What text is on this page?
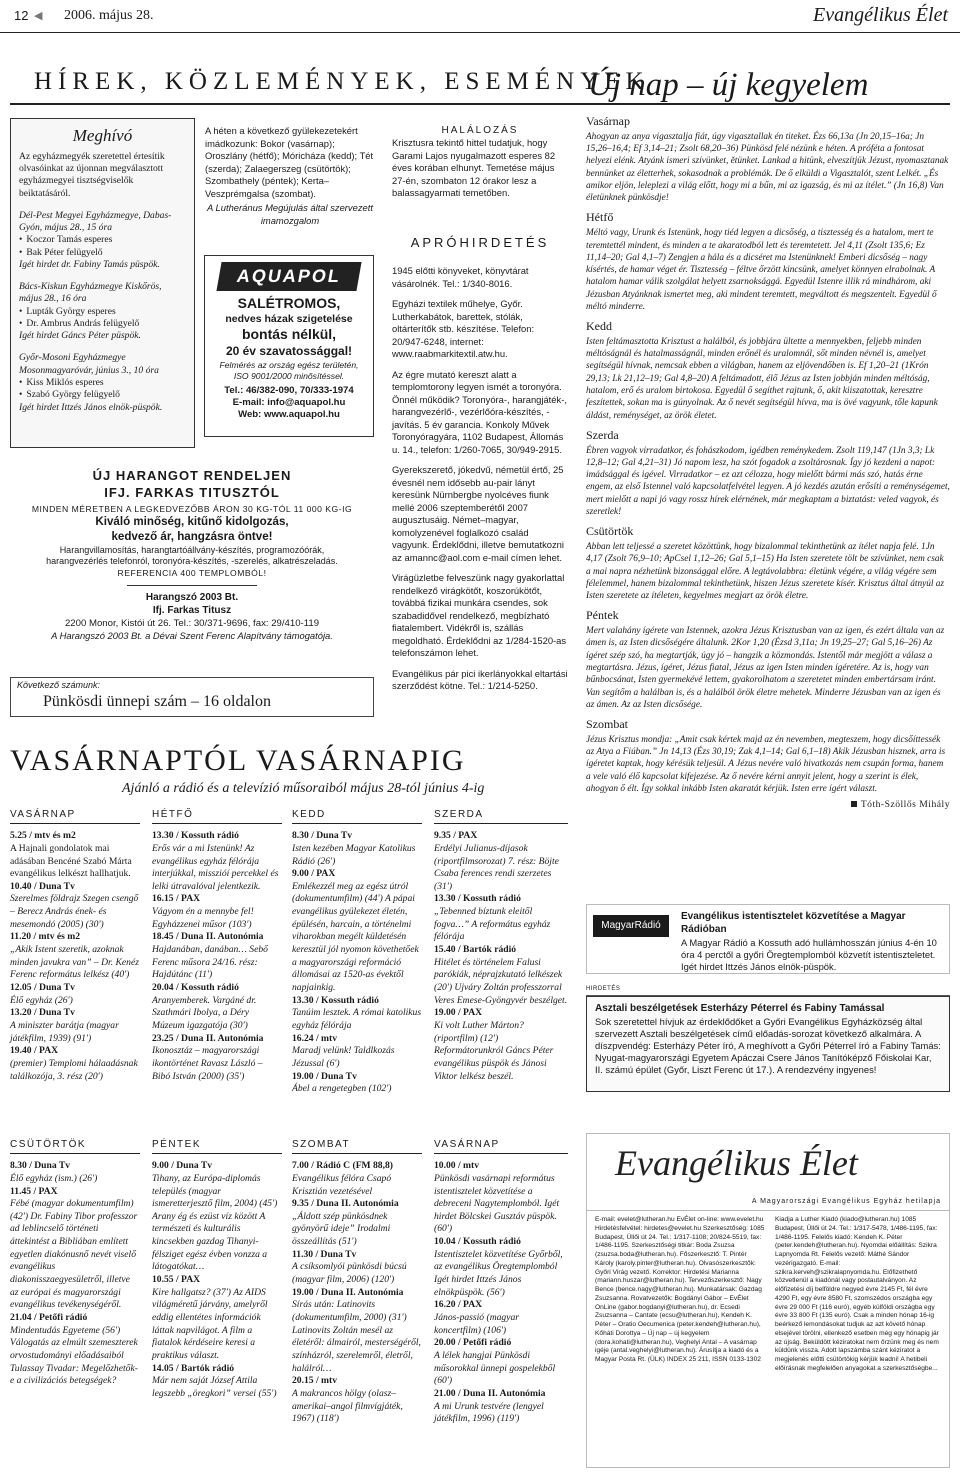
12 ◀ 2006. május 28.	Evangélikus Élet
HÍREK, KÖZLEMÉNYEK, ESEMÉNYEK
Új nap – új kegyelem
Meghívó
Az egyházmegyék szeretettel értesítik olvasóinkat az újonnan megválasztott egyházmegyei tisztségviselők beiktatásáról.
Dél-Pest Megyei Egyházmegye, Dabas-Gyón, május 28., 15 óra
• Koczor Tamás esperes
• Bak Péter felügyelő
Igét hirdet dr. Fabiny Tamás püspök.
Bács-Kiskun Egyházmegye Kiskőrös, május 28., 16 óra
• Lupták György esperes
• Dr. Ambrus András felügyelő
Igét hirdet Gáncs Péter püspök.
Győr-Mosoni Egyházmegye Mosonmagyaróvár, június 3., 10 óra
• Kiss Miklós esperes
• Szabó György felügyelő
Igét hirdet Ittzés János elnök-püspök.
A héten a következő gyülekezetekért imádkozunk: Bokor (vasárnap); Oroszlány (hétfő); Móricháza (kedd); Tét (szerda); Zalaegerszeg (csütörtök); Szombathely (péntek); Kerta–Veszprémgalsa (szombat).
A Lutheránus Megújulás által szervezett imamozgalom
AQUAPOL
SALÉTROMOS,
nedves házak szigetelése
bontás nélkül,
20 év szavatossággal!
Felmérés az ország egész területén, ISO 9001/2000 minősítéssel.
Tel.: 46/382-090, 70/333-1974
E-mail: info@aquapol.hu
Web: www.aquapol.hu
ÚJ HARANGOT RENDELJEN
IFJ. FARKAS TITUSZTÓL
MINDEN MÉRETBEN A LEGKEDVEZŐBB ÁRON 30 KG-TÓL 11 000 KG-IG
Kiváló minőség, kitűnő kidolgozás,
kedvező ár, hangzásra öntve!
Harangvillamosítás, harangtartóállvány-készítés, programozóórák,
harangvezérlés telefonról, toronyóra-készítés, -szerelés, alkatrészeladás.
REFERENCIA 400 TEMPLOMBÓL!
Harangszó 2003 Bt.
Ifj. Farkas Titusz
2200 Monor, Kistói út 26. Tel.: 30/371-9696, fax: 29/410-119
A Harangszó 2003 Bt. a Dévai Szent Ferenc Alapítvány támogatója.
Következő számunk:
Pünkösdi ünnepi szám – 16 oldalon
HALÁLOZÁS
Krisztusra tekintő hittel tudatjuk, hogy Garami Lajos nyugalmazott esperes 82 éves korában elhunyt. Temetése május 27-én, szombaton 12 órakor lesz a balassagyarmati temetőben.
APRÓHIRDETÉS
1945 előtti könyveket, könyvtárat vásárolnék. Tel.: 1/340-8016.
Egyházi textilek műhelye, Győr. Lutherkabátok, barettek, stólák, oltárterítők stb. készítése. Telefon: 20/947-6248, internet: www.raabmarkitextil.atw.hu.
Az égre mutató kereszt alatt a templomtorony legyen ismét a toronyóra. Önnél működik? Toronyóra-, harangjáték-, harangvezérlő-, vezérlőóra-készítés, -javítás. 5 év garancia. Konkoly Művek Toronyóragyára, 1102 Budapest, Állomás u. 14., telefon: 1/260-7065, 30/949-2915.
Gyerekszerető, jókedvű, németül értő, 25 évesnél nem idősebb au-pair lányt keresünk Nürnbergbe nyolcéves fiunk mellé 2006 szeptemberétől 2007 augusztusáig. Német–magyar, komolyzenével foglalkozó család vagyunk. Érdeklődni, illetve bemutatkozni az amannc@aol.com e-mail címen lehet.
Virágüzletbe felveszünk nagy gyakorlattal rendelkező virágkötőt, koszorúkötőt, továbbá fizikai munkára csendes, sok szabadidővel rendelkező, megbízható fiatalembert. Vidékről is, szállás megoldható. Érdeklődni az 1/284-1520-as telefonszámon lehet.
Evangélikus pár pici ikerlányokkal eltartási szerződést kötne. Tel.: 1/214-5250.
VASÁRNAPTÓL VASÁRNAPIG
Ajánló a rádió és a televízió műsoraiból május 28-tól június 4-ig
VASÁRNAP
5.25 / mtv és m2
A Hajnali gondolatok mai adásában Bencéné Szabó Márta evangélikus lelkészt hallhatjuk.
10.40 / Duna Tv
Szerelmes földrajz Szegen csengő – Berecz András ének- és mesemondó (2005) (30')
11.20 / mtv és m2
„Akik Istent szeretik, azoknak minden javukra van” – Dr. Kenéz Ferenc református lelkész (40')
12.05 / Duna Tv
Élő egyház (26')
13.20 / Duna Tv
A miniszter barátja (magyar játékfilm, 1939) (91')
19.40 / PAX
(premier) Templomi hálaadásnak találkozója, 3. rész (20')
HÉTFŐ
13.30 / Kossuth rádió
Erős vár a mi Istenünk! Az evangélikus egyház félórája interjúkkal, misszióí percekkel és lelki útravalóval jelentkezik.
16.15 / PAX
Vágyom én a mennybe fel! Egyházzenei műsor (103')
18.45 / Duna II. Autonómia
Hajdanában, danában… Sebő Ferenc műsora 24/16. rész: Hajdútánc (11')
20.04 / Kossuth rádió
Aranyemberek. Vargáné dr. Szathmári Ibolya, a Déry Múzeum igazgatója (30')
23.25 / Duna II. Autonómia
Ikonosztáz – magyarországi ikontörténet Ravasz László – Bibó István (2000) (35')
KEDD
8.30 / Duna Tv
Isten kezében Magyar Katolikus Rádió (26')
9.00 / PAX
Emlékezzél meg az egész útról (dokumentumfilm) (44') A pápai evangélikus gyülekezet életén, épülésén, harcain, a történelmi viharokban megélt küldetésén keresztül jól nyomon követhetőek a magyarországi reformáció állomásai az 1520-as évektől napjainkig.
13.30 / Kossuth rádió
Tanúim lesztek. A római katolikus egyház félórája
16.24 / mtv
Maradj velünk! Taldlkozás Jézussal (6')
19.00 / Duna Tv
Ábel a rengetegben (102')
SZERDA
9.35 / PAX
Erdélyi Julianus-díjasok (riportfilmsorozat) 7. rész: Böjte Csaba ferences rendi szerzetes (31')
13.30 / Kossuth rádió
„Tebenned bíztunk eleitől fogva…” A református egyház félórája
15.40 / Bartók rádió
Hitélet és történelem Falusi parókiák, népraj​zkutató lelkészek (20') Ujváry Zoltán professzorral Veres Emese-Gyöngyvér beszélget.
19.00 / PAX
Ki volt Luther Márton? (riportfilm) (12') Reformátorunkról Gáncs Péter evangélikus püspök és Jánosi Viktor lelkész beszél.
CSÜTÖRTÖK
8.30 / Duna Tv
Élő egyház (ism.) (26')
11.45 / PAX
Fébé (magyar dokumentumfilm) (42') Dr. Fabiny Tibor professzor ad leblincselő történeti áttekintést a Bibliában említett egyetlen diakónusnő nevét viselő evangélikus diakonisszaegyesületről, illetve az európai és magyarországi evangélikus tevékenységéről.
21.04 / Petőfi rádió
Mindentudás Egyeteme (56') Válogatás az elmúlt szemeszterek orvostudományi előadásaiból Tulassay Tivadar: Megelőzhetők-e a civilizációs betegségek?
PÉNTEK
9.00 / Duna Tv
Tihany, az Európa-diplomás település (magyar ismeretterjesztő film, 2004) (45') Arany ég és ezüst víz között A természeti és kulturális kincsekben gazdag Tihanyi-félsziget egész évben vonzza a látogatókat…
10.55 / PAX
Kire hallgatsz? (37') Az AIDS világméretű járvány, amelyről eddig ellentétes információk láttak napvilágot. A film a fiatalok kérdéseire keresi a praktikus választ.
14.05 / Bartók rádió
Már nem saját József Attila legszebb „öregkori” versei (55')
SZOMBAT
7.00 / Rádió C (FM 88,8)
Evangélikus félóra Csapó Krisztián vezetésével
9.35 / Duna II. Autonómia
„Áldott szép pünkösdnek gyönyörű ideje” Irodalmi összeállítás (51')
11.30 / Duna Tv
A csíksomlyói pünkösdi búcsú (magyar film, 2006) (120')
19.00 / Duna II. Autonómia
Sírás után: Latinovits (dokumentumfilm, 2000) (31') Latinovits Zoltán mesél az életéről: álmairól, mesterségéről, színházról, szerelemről, életről, halálról…
20.15 / mtv
A makrancos hölgy (olasz–amerikai–angol filmvígjáték, 1967) (118')
VASÁRNAP
10.00 / mtv
Pünkösdi vasárnapi református istentisztelet közvetítése a debreceni Nagytemplomból. Igét hirdet Bölcskei Gusztáv püspök. (60')
10.04 / Kossuth rádió
Istentisztelet közvetítése Győrből, az evangélikus Öregtemplomból Igét hirdet Ittzés János elnökpüspök. (56')
16.20 / PAX
János-passió (magyar koncertfilm) (106')
20.00 / Petőfi rádió
A lélek hangjai Pünkösdi műsorokkal ünnepi gospelekből (60')
21.00 / Duna II. Autonómia
A mi Urunk testvére (lengyel játékfilm, 1996) (119')
Vasárnap
Ahogyan az anya vigasztalja fiát, úgy vigasztallak én titeket. Ézs 66,13a (Jn 20,15–16a; Jn 15,26–16,4; Ef 3,14–21; Zsolt 68,20–36) Pünkösd felé nézünk e héten. A prófétа a fontosat helyezi elénk. Atyánk ismeri szívünket, ětünket. Lankad a hitünk, elveszítjük Jézust, nyomasztanak bennünket az életterhek, sokasodnak a problémák. De ő elküldi a Vigasztalót, szent Lelkét. „És amikor eljön, leleplezi a világ előtt, hogy mi a bűn, mi az igazság, és mi az ítélet.” (Jn 16,8) Van életünknek pünkösdje!
Hétfő
Méltó vagy, Urunk és Istenünk, hogy tiéd legyen a dicsőség, a tisztesség és a hatalom, mert te teremtettél mindent, és minden a te akaratodból lett és teremtetett. Jel 4,11 (Zsolt 135,6; Ez 11,14–20; Gal 4,1–7) Zengjen a hála és a dicséret ma Istenünknek! Emberi dicsőség – nagy kísértés, de hamar véget ér. Tisztesség – féltve őrzött kincsünk, amelyet könnyen elrabolnak. A hatalom hamar válik szolgálat helyett zsarnoksággá. Egyedül Istenre illik rá mindhárom, aki Jézusban Atyánknak ismertet meg, aki mindent teremtett, megváltott és megszentelt. Egyedül ő méltó minderre.
Kedd
Isten feltámasztotta Krisztust a halálból, és jobbjára ültette a mennyekben, feljebb minden méltóságnál és hatalmasságnál, minden erőnél és uralomnál, sőt minden névnél is, amelyet segítségül hívnak, nemcsak ebben a világban, hanem az eljövendőben is. Ef 1,20–21 (1Krón 29,13; Lk 21,12–19; Gal 4,8–20) A feltámadott, élő Jézus az Isten jobbján minden méltóság, hatalom, erő és uralom birtokosa. Egyedül ő segíthet rajtunk, ő, akit kiiszatottak, keresztre feszítettek, sokan ma is gúnyolnak. Az ő nevét segítségül hívva, ma is övé vagyunk, tőle kapunk áldást, reménységet, az örök életet.
Szerda
Ébren vagyok virradatkor, és fohászkodom, igédben reménykedem. Zsolt 119,147 (1Jn 3,3; Lk 12,8–12; Gal 4,21–31) Jó napom lesz, ha szót fogadok a zsoltárosnak. Így jó kezdeni a napot: imádsággal és igével. Virradatkor – ez azt célozza, hogy mielőtt bármi más szó, hatás érne engem, az első Istennel való kapcsolatfelvétel legyen. A jó kezdés azután erősíti a reménységemet, mert mielőtt a napi jó vagy rossz hírek elérnének, már megkaptam a biztatást: veled vagyok, és szeretlek!
Csütörtök
Abban lett teljessé a szeretet közöttünk, hogy bizalommal tekinthetünk az ítélet napja felé. 1Jn 4,17 (Zsolt 76,9–10; ApCsel 1,12–26; Gal 5,1–15) Ha Isten szeretete tölt be szívünket, nem csak a mai napra nézhetünk bizonsággal előre. A legtávolabbra: életünk végére, a világ végére sem félelemmel, hanem bizalommal tekinthetünk, hiszen Jézus szeretete kísér. Krisztus által átnyúl az Isten szeretete az ítéleten, kegyelmes megjart az örök életre.
Péntek
Mert valahány ígérete van Istennek, azokra Jézus Krisztusban van az igen, és ezért általa van az ámen is, az Isten dicsőségére általunk. 2Kor 1,20 (Ézsd 3,11a; Jn 19,25–27; Gal 5,16–26) Az ígéret szép szó, ha megtartják, úgy jó – hangzik a közmondás. Istentől már megjött a válasz a megtartásra. Jézus, ígéret, Jézus fiatal, Jézus az igen Isten minden ígéretére. Az is, hogy van bűnbocsánat, Isten gyermekévé lettem, gyakorolhatom a szeretetet minden embertársam iránt. Van segítőm a halálban is, és a halálból örök életre mehetek. Minderre Jézusban van az igen és az ámen. Az az Isten dicsősége.
Szombat
Jézus Krisztus mondja: „Amit csak kértek majd az én nevemben, megteszem, hogy dicsőíttessék az Atya a Fiúban.” Jn 14,13 (Ézs 30,19; Zak 4,1–14; Gal 6,1–18) Akik Jézusban hisznek, arra is ígéretet kaptak, hogy kérésük teljesül. A Jézus nevére való hivatkozás nem csupán forma, hanem a vele való élő kapcsolat kifejezése. Az ő nevére kérni annyit jelent, hogy a szerint is élek, ahogyan ő élt. Így sokkal inkább Isten akaratát kérjük. Isten erre ígért választ.
Tóth-Szöllős Mihály
MagyarRádió
Evangélikus istentisztelet közvetítése a Magyar Rádióban
A Magyar Rádió a Kossuth adó hullámhosszán június 4-én 10 óra 4 perctől a győri Öregtemplomból közvetít istentiszteletet. Igét hirdet Ittzés János elnök-püspök.
HIRDETÉS
Asztali beszélgetések Esterházy Péterrel és Fabiny Tamással
Sok szeretettel hívjuk az érdeklődőket a Győri Evangélikus Egyházközség által szervezett Asztali beszélgetések című előadás-sorozat következő alkalmára. A díszpvendég: Esterházy Péter író, A meghívott a Győri Péterrel író a Fabiny Tamás: Nyugat-magyarországi Egyetem Apáczai Csere János Tanítóképző Főiskolai Kar, II. számú épület (Győr, Liszt Ferenc út 17.). A rendezvény ingyenes!
Evangélikus Élet
A Magyarországi Evangélikus Egyház hetilapja
E-mail: evelet@lutheran.hu EvÉlet on-line: www.evelet.hu Hirdetésfelvétel: hirdetes@evelet.hu Szerkesztőség: 1085 Budapest, Üllői út 24. Tel.: 1/317-1108; 20/824-5519, fax: 1/486-1195. Szerkesztőségi titkár: Boda Zsuzsa (zsuzsa.boda@lutheran.hu). Főszerkesztő: T. Pintér Károly (karoly.pinter@lutheran.hu). Olvasószerkesztők: Győri Virág vezető. Korrektor: Hirdetési Marianna (mariann.huszar@lutheran.hu). Tervezőszerkesztő: Nagy Bence (bence.nagy@lutheran.hu). Munkatársak: Gazdag Zsuzsanna. Rovatvezetők: Bogdányi Gábor – EvÉlet OnLine (gabor.bogdanyi@lutheran.hu), dr. Ecsedi Zsuzsanna – Cantate (ecsu@lutheran.hu), Kendeh K. Péter – Oratio Oecumenica (peter.kendeh@lutheran.hu), Kőháti Dorottya – Új nap – új kegyelem (dora.kohati@lutheran.hu), Veghelyi Antal – A vasárnap igéje (antal.veghelyi@lutheran.hu). Árusítja a kiadó és a Magyar Posta Rt. (ÜLK) INDEX 25 211, ISSN 0133-1302
Kiadja a Luther Kiadó (kiado@lutheran.hu) 1085 Budapest, Üllői út 24. Tel.: 1/317-5478, 1/486-1195, fax: 1/486-1195. Felelős kiadó: Kendeh K. Péter (peter.kendeh@lutheran.hu). Nyomdai előállítás: Szikra Lapnyomda Rt. Felelős vezető: Máthé Sándor vezérigazgató. E-mail: szikra.kerveh@szikralapnyomda.hu. Előfizethető közvetlenül a kiadónál vagy postautalványon. Az előfizetési díj belföldre negyed évre 2145 Ft, fél évre 4290 Ft, egy évre 8580 Ft, szomszédos országba egy évre 29 000 Ft (116 euró), egyéb külföldi országba egy évre 33 800 Ft (135 euró). Csak a minden hónap 16-ig beérkező lemondásokat tudjuk az azt követő hónap elsejével törölni, ellenkező esetben még egy hónapig jár az újság. Beküldött kéziratokat nem őrzünk meg és nem küldünk vissza. Adott lapszámba szánt kéziratot a megjelenés előtti csütörtökig kérjük leadni! A hetibeli előírásnak megfelelően anyagokat a szerkesztőségbe...
